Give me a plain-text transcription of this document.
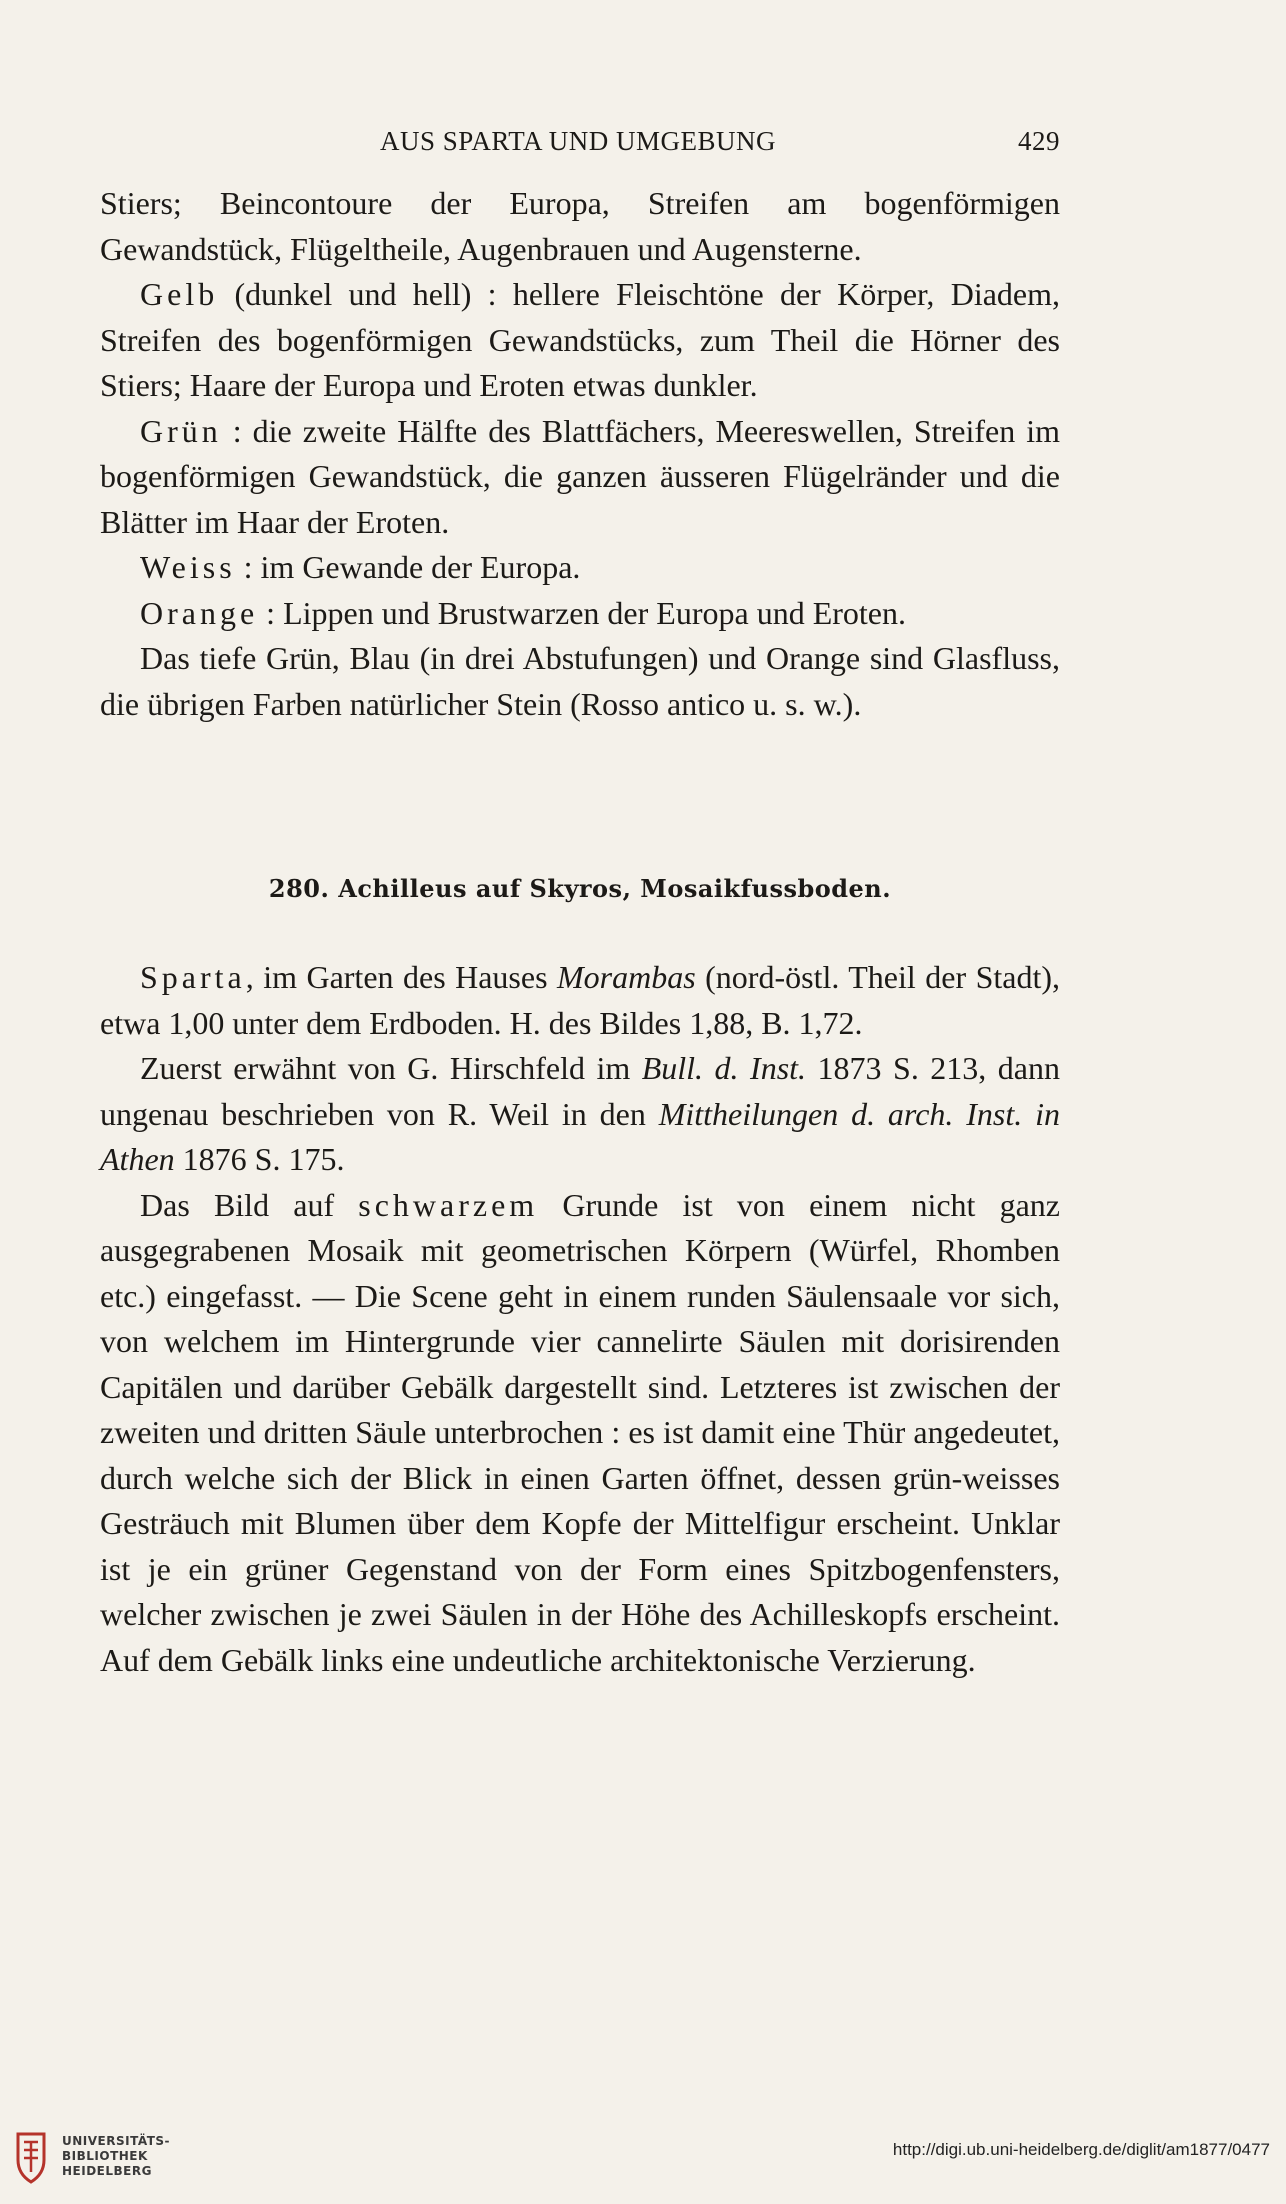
AUS SPARTA UND UMGEBUNG	429

Stiers; Beincontoure der Europa, Streifen am bogenförmigen Gewandstück, Flügeltheile, Augenbrauen und Augensterne.

Gelb (dunkel und hell) : hellere Fleischtöne der Körper, Diadem, Streifen des bogenförmigen Gewandstücks, zum Theil die Hörner des Stiers; Haare der Europa und Eroten etwas dunkler.

Grün : die zweite Hälfte des Blattfächers, Meereswellen, Streifen im bogenförmigen Gewandstück, die ganzen äusseren Flügelränder und die Blätter im Haar der Eroten.

Weiss : im Gewande der Europa.

Orange : Lippen und Brustwarzen der Europa und Eroten.

Das tiefe Grün, Blau (in drei Abstufungen) und Orange sind Glasfluss, die übrigen Farben natürlicher Stein (Rosso antico u. s. w.).

280. Achilleus auf Skyros, Mosaikfussboden.

Sparta, im Garten des Hauses Morambas (nord-östl. Theil der Stadt), etwa 1,00 unter dem Erdboden. H. des Bildes 1,88, B. 1,72.

Zuerst erwähnt von G. Hirschfeld im Bull. d. Inst. 1873 S. 213, dann ungenau beschrieben von R. Weil in den Mittheilungen d. arch. Inst. in Athen 1876 S. 175.

Das Bild auf schwarzem Grunde ist von einem nicht ganz ausgegrabenen Mosaik mit geometrischen Körpern (Würfel, Rhomben etc.) eingefasst. — Die Scene geht in einem runden Säulensaale vor sich, von welchem im Hintergrunde vier cannelirte Säulen mit dorisirenden Capitälen und darüber Gebälk dargestellt sind. Letzteres ist zwischen der zweiten und dritten Säule unterbrochen : es ist damit eine Thür angedeutet, durch welche sich der Blick in einen Garten öffnet, dessen grün-weisses Gesträuch mit Blumen über dem Kopfe der Mittelfigur erscheint. Unklar ist je ein grüner Gegenstand von der Form eines Spitzbogenfensters, welcher zwischen je zwei Säulen in der Höhe des Achilleskopfs erscheint. Auf dem Gebälk links eine undeutliche architektonische Verzierung.

UNIVERSITÄTS-
BIBLIOTHEK
HEIDELBERG
http://digi.ub.uni-heidelberg.de/diglit/am1877/0477
